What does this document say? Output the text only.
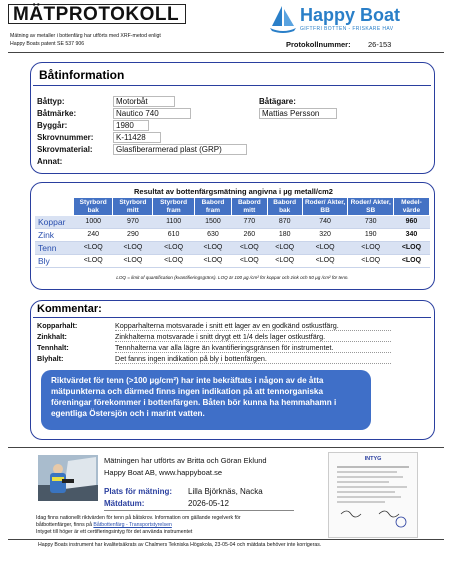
MÄTPROTOKOLL
Mätning av metaller i bottenfärg har utförts med XRF-metod enligt
Happy Boats patent SE 537 906
Happy Boat
GIFTFRI BOTTEN - FRISKARE HAV
Protokollnummer: 26-153
Båtinformation
Båttyp:	Motorbåt
Båtmärke:	Nautico 740
Byggår:	1980
Skrovnummer:	K-11428
Skrovmaterial:	Glasfiberarmerad plast (GRP)
Annat:
Båtägare:
Mattias Persson
Resultat av bottenfärgsmätning angivna i µg metall/cm2
	Styrbord bak	Styrbord mitt	Styrbord fram	Babord fram	Babord mitt	Babord bak	Roder/ Akter, BB	Roder/ Akter, SB	Medel-värde
Koppar	1000	970	1100	1500	770	870	740	730	960
Zink	240	290	610	630	260	180	320	190	340
Tenn	<LOQ	<LOQ	<LOQ	<LOQ	<LOQ	<LOQ	<LOQ	<LOQ	<LOQ
Bly	<LOQ	<LOQ	<LOQ	<LOQ	<LOQ	<LOQ	<LOQ	<LOQ	<LOQ
LOQ = limit of quantification (kvantifieringsgräns). LOQ är 100 µg /cm² för koppar och zink och 50 µg /cm² för tenn.
Kommentar:
Kopparhalt:	Kopparhalterna motsvarade i snitt ett lager av en godkänd ostkustfärg.
Zinkhalt:	Zinkhalterna motsvarade i snitt drygt ett 1/4 dels lager ostkustfärg.
Tennhalt:	Tennhalterna var alla lägre än kvantifieringsgränsen för instrumentet.
Blyhalt:	Det fanns ingen indikation på bly i bottenfärgen.
Riktvärdet för tenn (>100 µg/cm²) har inte bekräftats i någon av de åtta mätpunkterna och därmed finns ingen indikation på att tennorganiska föreningar förekommer i bottenfärgen. Båten bör kunna ha hemmahamn i egentliga Östersjön och i marint vatten.
Mätningen har utförts av Britta och Göran Eklund
Happy Boat AB, www.happyboat.se
Plats för mätning: Lilla Björknäs, Nacka
Mätdatum:	2026-05-12
Idag finns nationellt riktvärden för tenn på båtskrov. Information om gällande regelverk för
båtbottenfärger, finns på Båtbottenfärg - Transportstyrelsen
Intyget till höger är ett certifieringsintyg för det använda instrumentet
INTYG
Happy Boats instrument har kvalitetsäkrats av Chalmers Tekniska Högskola, 23-05-04 och mätdata behöver inte korrigeras.
